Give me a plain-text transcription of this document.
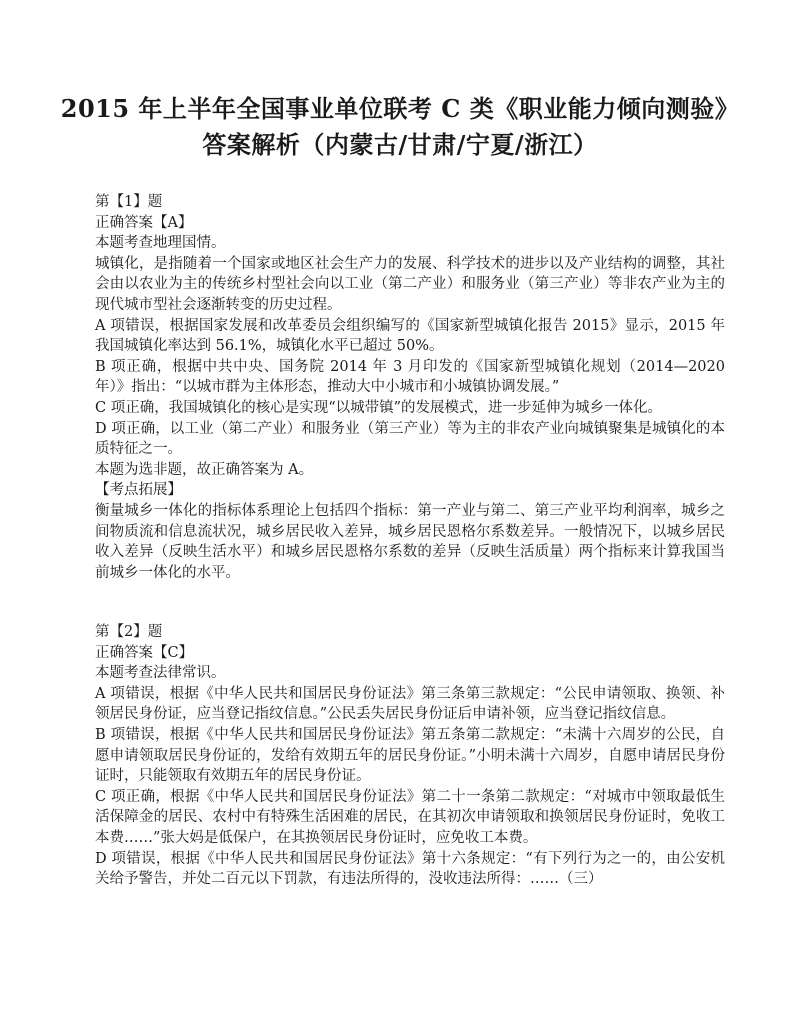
2015 年上半年全国事业单位联考 C 类《职业能力倾向测验》
答案解析（内蒙古/甘肃/宁夏/浙江）
第【1】题
正确答案【A】
本题考查地理国情。
城镇化，是指随着一个国家或地区社会生产力的发展、科学技术的进步以及产业结构的调整，其社会由以农业为主的传统乡村型社会向以工业（第二产业）和服务业（第三产业）等非农产业为主的现代城市型社会逐渐转变的历史过程。
A 项错误，根据国家发展和改革委员会组织编写的《国家新型城镇化报告 2015》显示，2015 年我国城镇化率达到 56.1%，城镇化水平已超过 50%。
B 项正确，根据中共中央、国务院 2014 年 3 月印发的《国家新型城镇化规划（2014—2020 年）》指出：“以城市群为主体形态，推动大中小城市和小城镇协调发展。”
C 项正确，我国城镇化的核心是实现“以城带镇”的发展模式，进一步延伸为城乡一体化。
D 项正确，以工业（第二产业）和服务业（第三产业）等为主的非农产业向城镇聚集是城镇化的本质特征之一。
本题为选非题，故正确答案为 A。
【考点拓展】
衡量城乡一体化的指标体系理论上包括四个指标：第一产业与第二、第三产业平均利润率，城乡之间物质流和信息流状况，城乡居民收入差异，城乡居民恩格尔系数差异。一般情况下，以城乡居民收入差异（反映生活水平）和城乡居民恩格尔系数的差异（反映生活质量）两个指标来计算我国当前城乡一体化的水平。
第【2】题
正确答案【C】
本题考查法律常识。
A 项错误，根据《中华人民共和国居民身份证法》第三条第三款规定：“公民申请领取、换领、补领居民身份证，应当登记指纹信息。”公民丢失居民身份证后申请补领，应当登记指纹信息。
B 项错误，根据《中华人民共和国居民身份证法》第五条第二款规定：“未满十六周岁的公民，自愿申请领取居民身份证的，发给有效期五年的居民身份证。”小明未满十六周岁，自愿申请居民身份证时，只能领取有效期五年的居民身份证。
C 项正确，根据《中华人民共和国居民身份证法》第二十一条第二款规定：“对城市中领取最低生活保障金的居民、农村中有特殊生活困难的居民，在其初次申请领取和换领居民身份证时，免收工本费……”张大妈是低保户，在其换领居民身份证时，应免收工本费。
D 项错误，根据《中华人民共和国居民身份证法》第十六条规定：“有下列行为之一的，由公安机关给予警告，并处二百元以下罚款，有违法所得的，没收违法所得：……（三）
